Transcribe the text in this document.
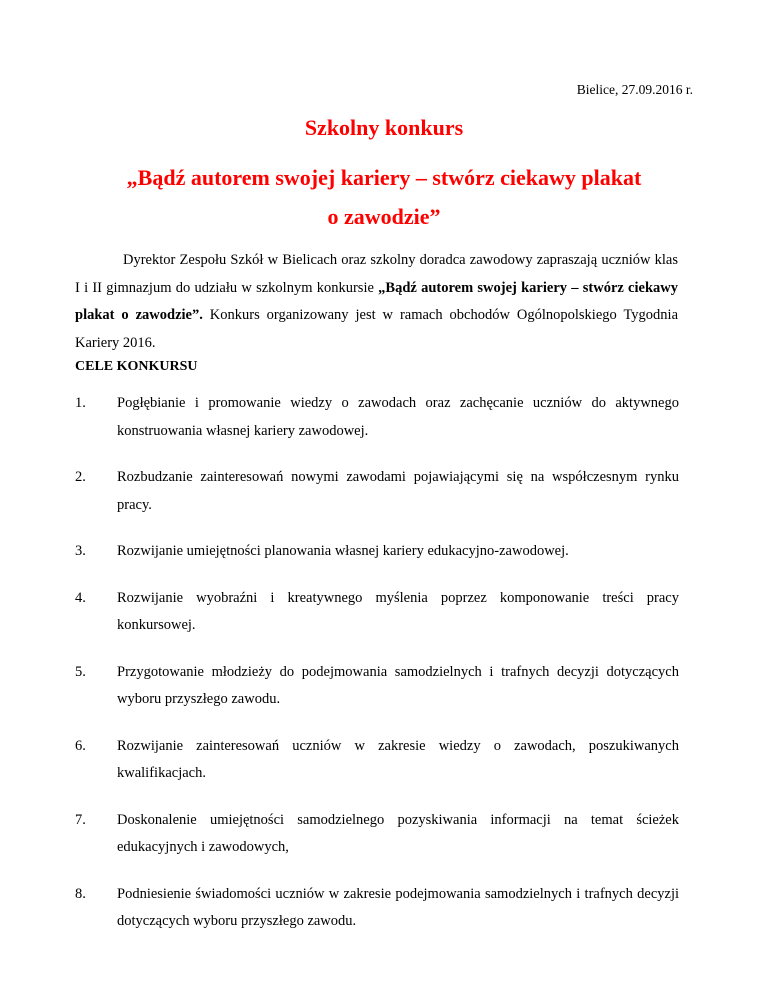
Bielice, 27.09.2016 r.
Szkolny konkurs
„Bądź autorem swojej kariery – stwórz ciekawy plakat
o zawodzie”

Dyrektor Zespołu Szkół w Bielicach oraz szkolny doradca zawodowy zapraszają uczniów klas I i II gimnazjum do udziału w szkolnym konkursie „Bądź autorem swojej kariery – stwórz ciekawy plakat o zawodzie”. Konkurs organizowany jest w ramach obchodów Ogólnopolskiego Tygodnia Kariery 2016.

CELE KONKURSU
1.	Pogłębianie i promowanie wiedzy o zawodach oraz zachęcanie uczniów do aktywnego konstruowania własnej kariery zawodowej.
2.	Rozbudzanie zainteresowań nowymi zawodami pojawiającymi się na współczesnym rynku pracy.
3.	Rozwijanie umiejętności planowania własnej kariery edukacyjno-zawodowej.
4.	Rozwijanie wyobraźni i kreatywnego myślenia poprzez komponowanie treści pracy konkursowej.
5.	Przygotowanie młodzieży do podejmowania samodzielnych i trafnych decyzji dotyczących wyboru przyszłego zawodu.
6.	Rozwijanie zainteresowań uczniów w zakresie wiedzy o zawodach, poszukiwanych kwalifikacjach.
7.	Doskonalenie umiejętności samodzielnego pozyskiwania informacji na temat ścieżek edukacyjnych i zawodowych,
8.	Podniesienie świadomości uczniów w zakresie podejmowania samodzielnych i trafnych decyzji dotyczących wyboru przyszłego zawodu.
